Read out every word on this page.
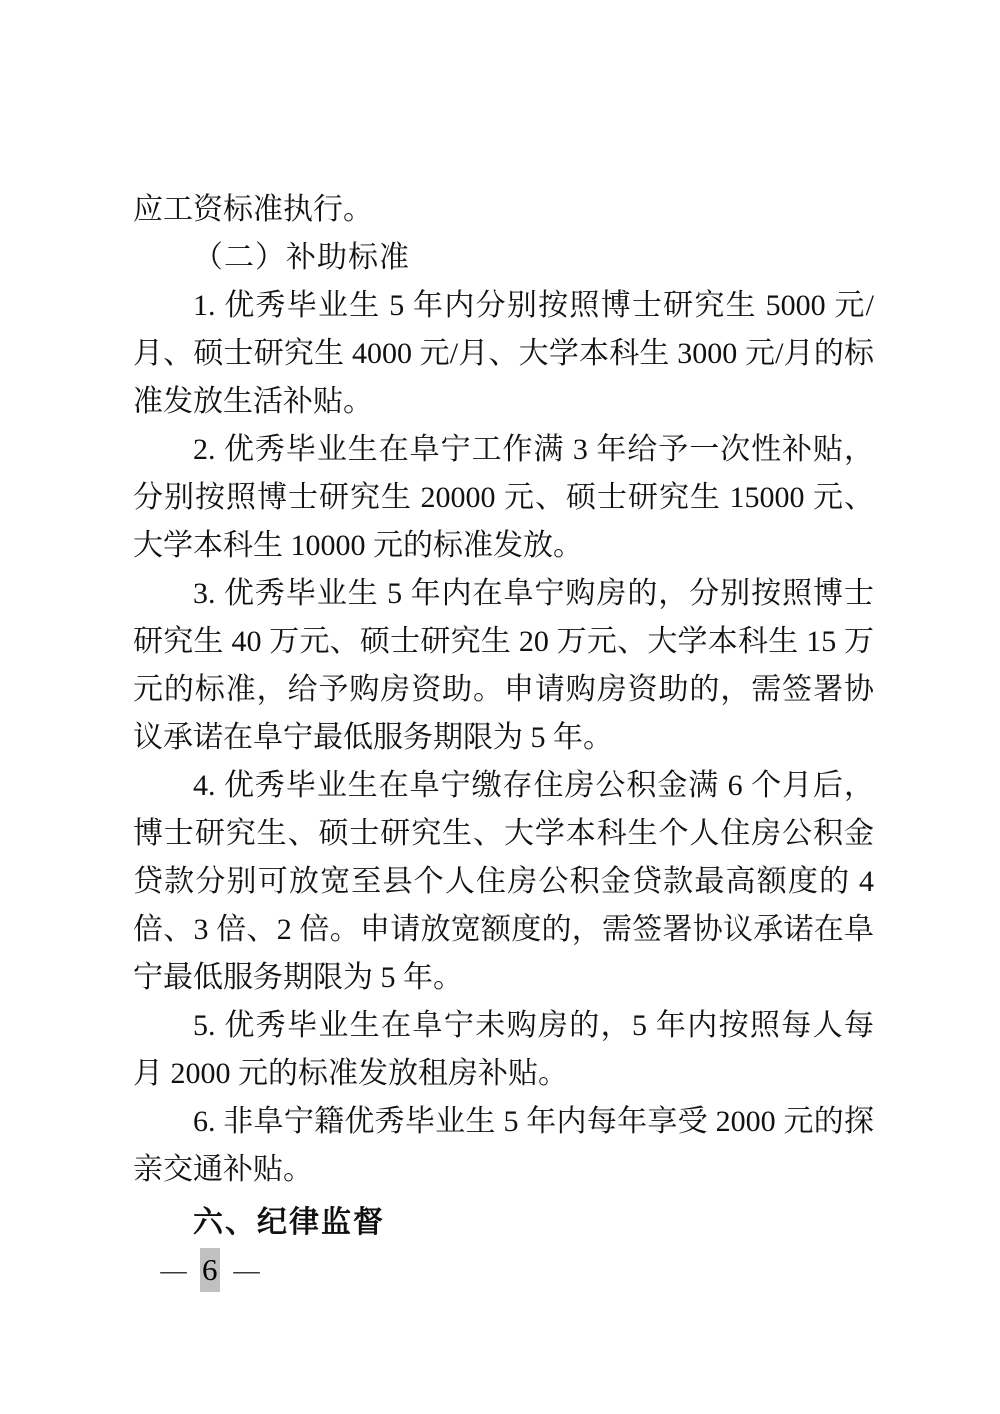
应工资标准执行。

（二）补助标准

1. 优秀毕业生 5 年内分别按照博士研究生 5000 元/月、硕士研究生 4000 元/月、大学本科生 3000 元/月的标准发放生活补贴。

2. 优秀毕业生在阜宁工作满 3 年给予一次性补贴，分别按照博士研究生 20000 元、硕士研究生 15000 元、大学本科生 10000 元的标准发放。

3. 优秀毕业生 5 年内在阜宁购房的，分别按照博士研究生 40 万元、硕士研究生 20 万元、大学本科生 15 万元的标准，给予购房资助。申请购房资助的，需签署协议承诺在阜宁最低服务期限为 5 年。

4. 优秀毕业生在阜宁缴存住房公积金满 6 个月后，博士研究生、硕士研究生、大学本科生个人住房公积金贷款分别可放宽至县个人住房公积金贷款最高额度的 4 倍、3 倍、2 倍。申请放宽额度的，需签署协议承诺在阜宁最低服务期限为 5 年。

5. 优秀毕业生在阜宁未购房的，5 年内按照每人每月 2000 元的标准发放租房补贴。

6. 非阜宁籍优秀毕业生 5 年内每年享受 2000 元的探亲交通补贴。

六、纪律监督

— 6 —
